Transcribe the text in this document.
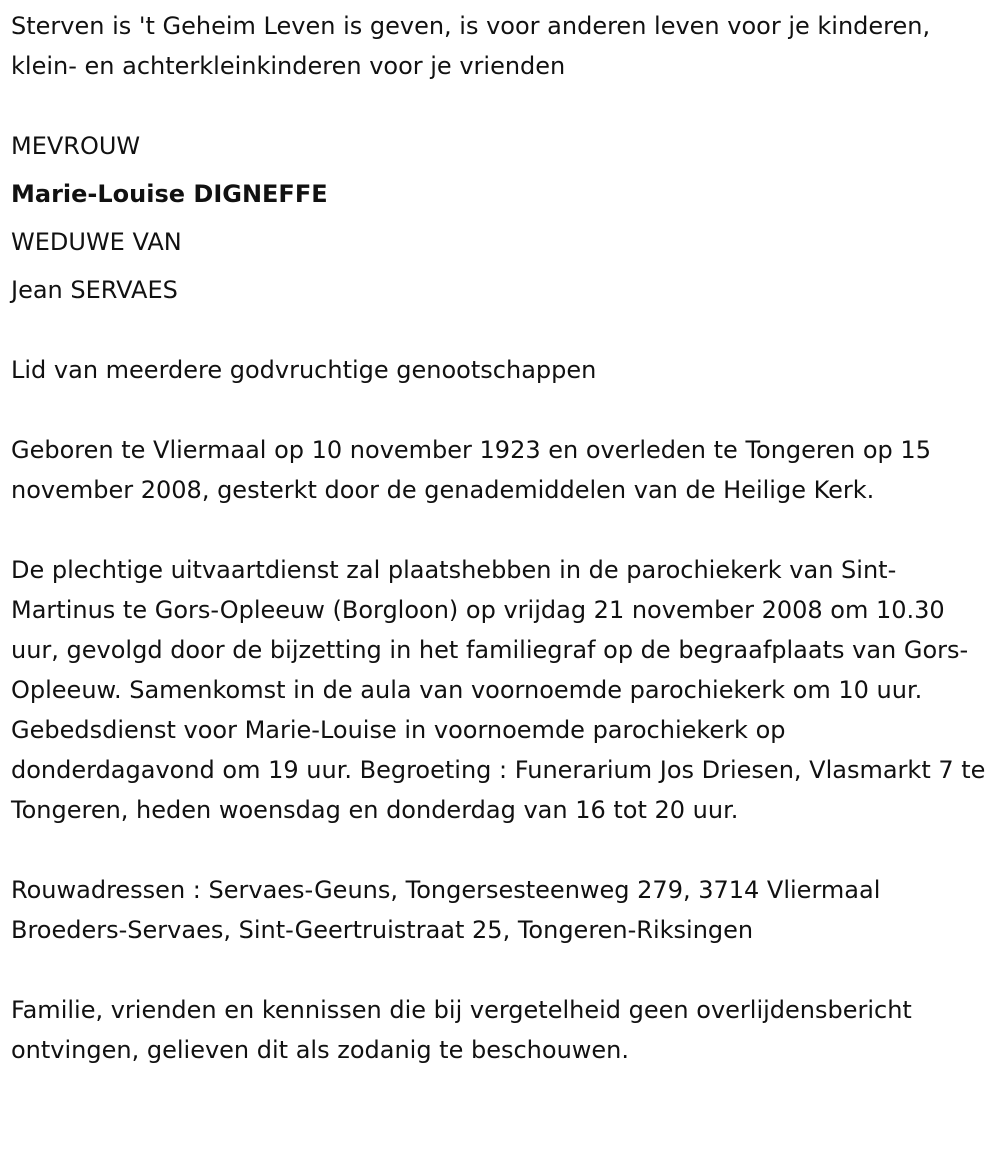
Sterven is 't Geheim Leven is geven, is voor anderen leven voor je kinderen, klein- en achterkleinkinderen voor je vrienden

MEVROUW

Marie-Louise DIGNEFFE

WEDUWE VAN

Jean SERVAES

Lid van meerdere godvruchtige genootschappen

Geboren te Vliermaal op 10 november 1923 en overleden te Tongeren op 15 november 2008, gesterkt door de genademiddelen van de Heilige Kerk.

De plechtige uitvaartdienst zal plaatshebben in de parochiekerk van Sint-Martinus te Gors-Opleeuw (Borgloon) op vrijdag 21 november 2008 om 10.30 uur, gevolgd door de bijzetting in het familiegraf op de begraafplaats van Gors-Opleeuw. Samenkomst in de aula van voornoemde parochiekerk om 10 uur. Gebedsdienst voor Marie-Louise in voornoemde parochiekerk op donderdagavond om 19 uur. Begroeting : Funerarium Jos Driesen, Vlasmarkt 7 te Tongeren, heden woensdag en donderdag van 16 tot 20 uur.

Rouwadressen : Servaes-Geuns, Tongersesteenweg 279, 3714 Vliermaal
Broeders-Servaes, Sint-Geertruistraat 25, Tongeren-Riksingen

Familie, vrienden en kennissen die bij vergetelheid geen overlijdensbericht ontvingen, gelieven dit als zodanig te beschouwen.
